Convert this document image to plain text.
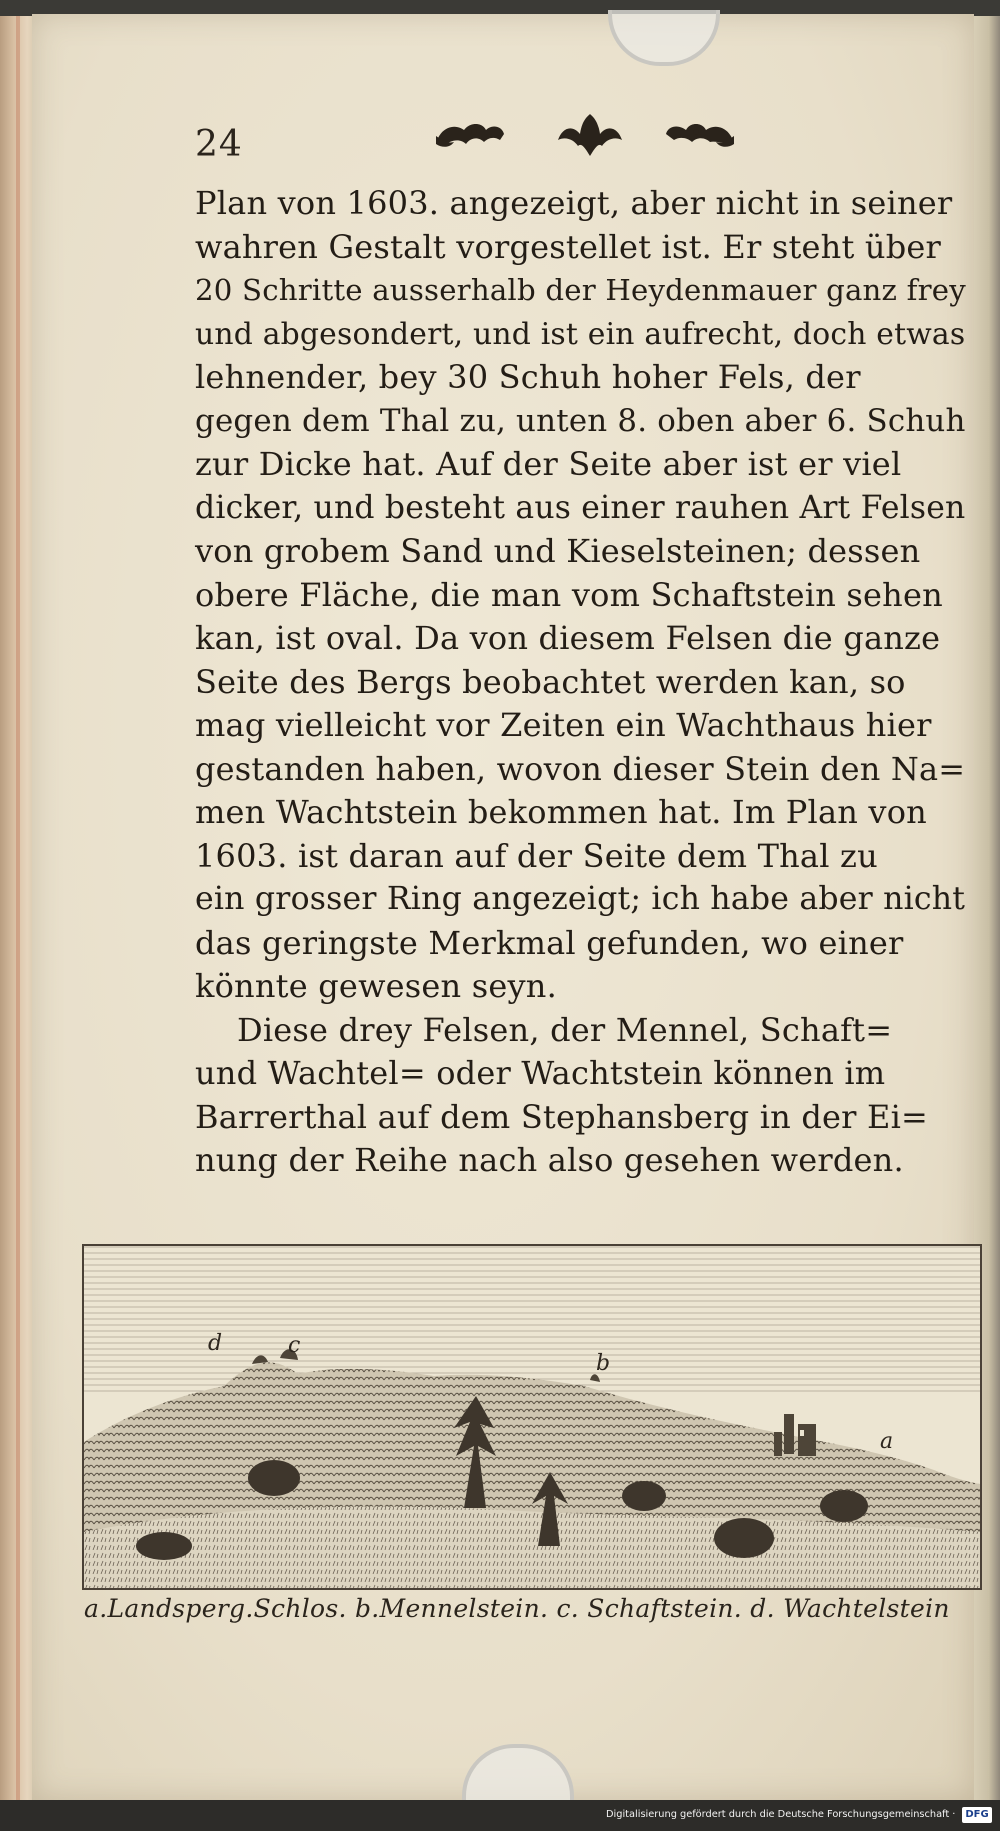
24
Plan von 1603. angezeigt, aber nicht in seiner
wahren Gestalt vorgestellet ist. Er steht über
20 Schritte ausserhalb der Heydenmauer ganz frey
und abgesondert, und ist ein aufrecht, doch etwas
lehnender, bey 30 Schuh hoher Fels, der
gegen dem Thal zu, unten 8. oben aber 6. Schuh
zur Dicke hat. Auf der Seite aber ist er viel
dicker, und besteht aus einer rauhen Art Felsen
von grobem Sand und Kieselsteinen; dessen
obere Fläche, die man vom Schaftstein sehen
kan, ist oval. Da von diesem Felsen die ganze
Seite des Bergs beobachtet werden kan, so
mag vielleicht vor Zeiten ein Wachthaus hier
gestanden haben, wovon dieser Stein den Na=
men Wachtstein bekommen hat. Im Plan von
1603. ist daran auf der Seite dem Thal zu
ein grosser Ring angezeigt; ich habe aber nicht
das geringste Merkmal gefunden, wo einer
könnte gewesen seyn.
Diese drey Felsen, der Mennel, Schaft=
und Wachtel= oder Wachtstein können im
Barrerthal auf dem Stephansberg in der Ei=
nung der Reihe nach also gesehen werden.
d	c
b
a
a.Landsperg.Schlos. b.Mennelstein. c. Schaftstein. d. Wachtelstein
Digitalisierung gefördert durch die Deutsche Forschungsgemeinschaft · DFG
